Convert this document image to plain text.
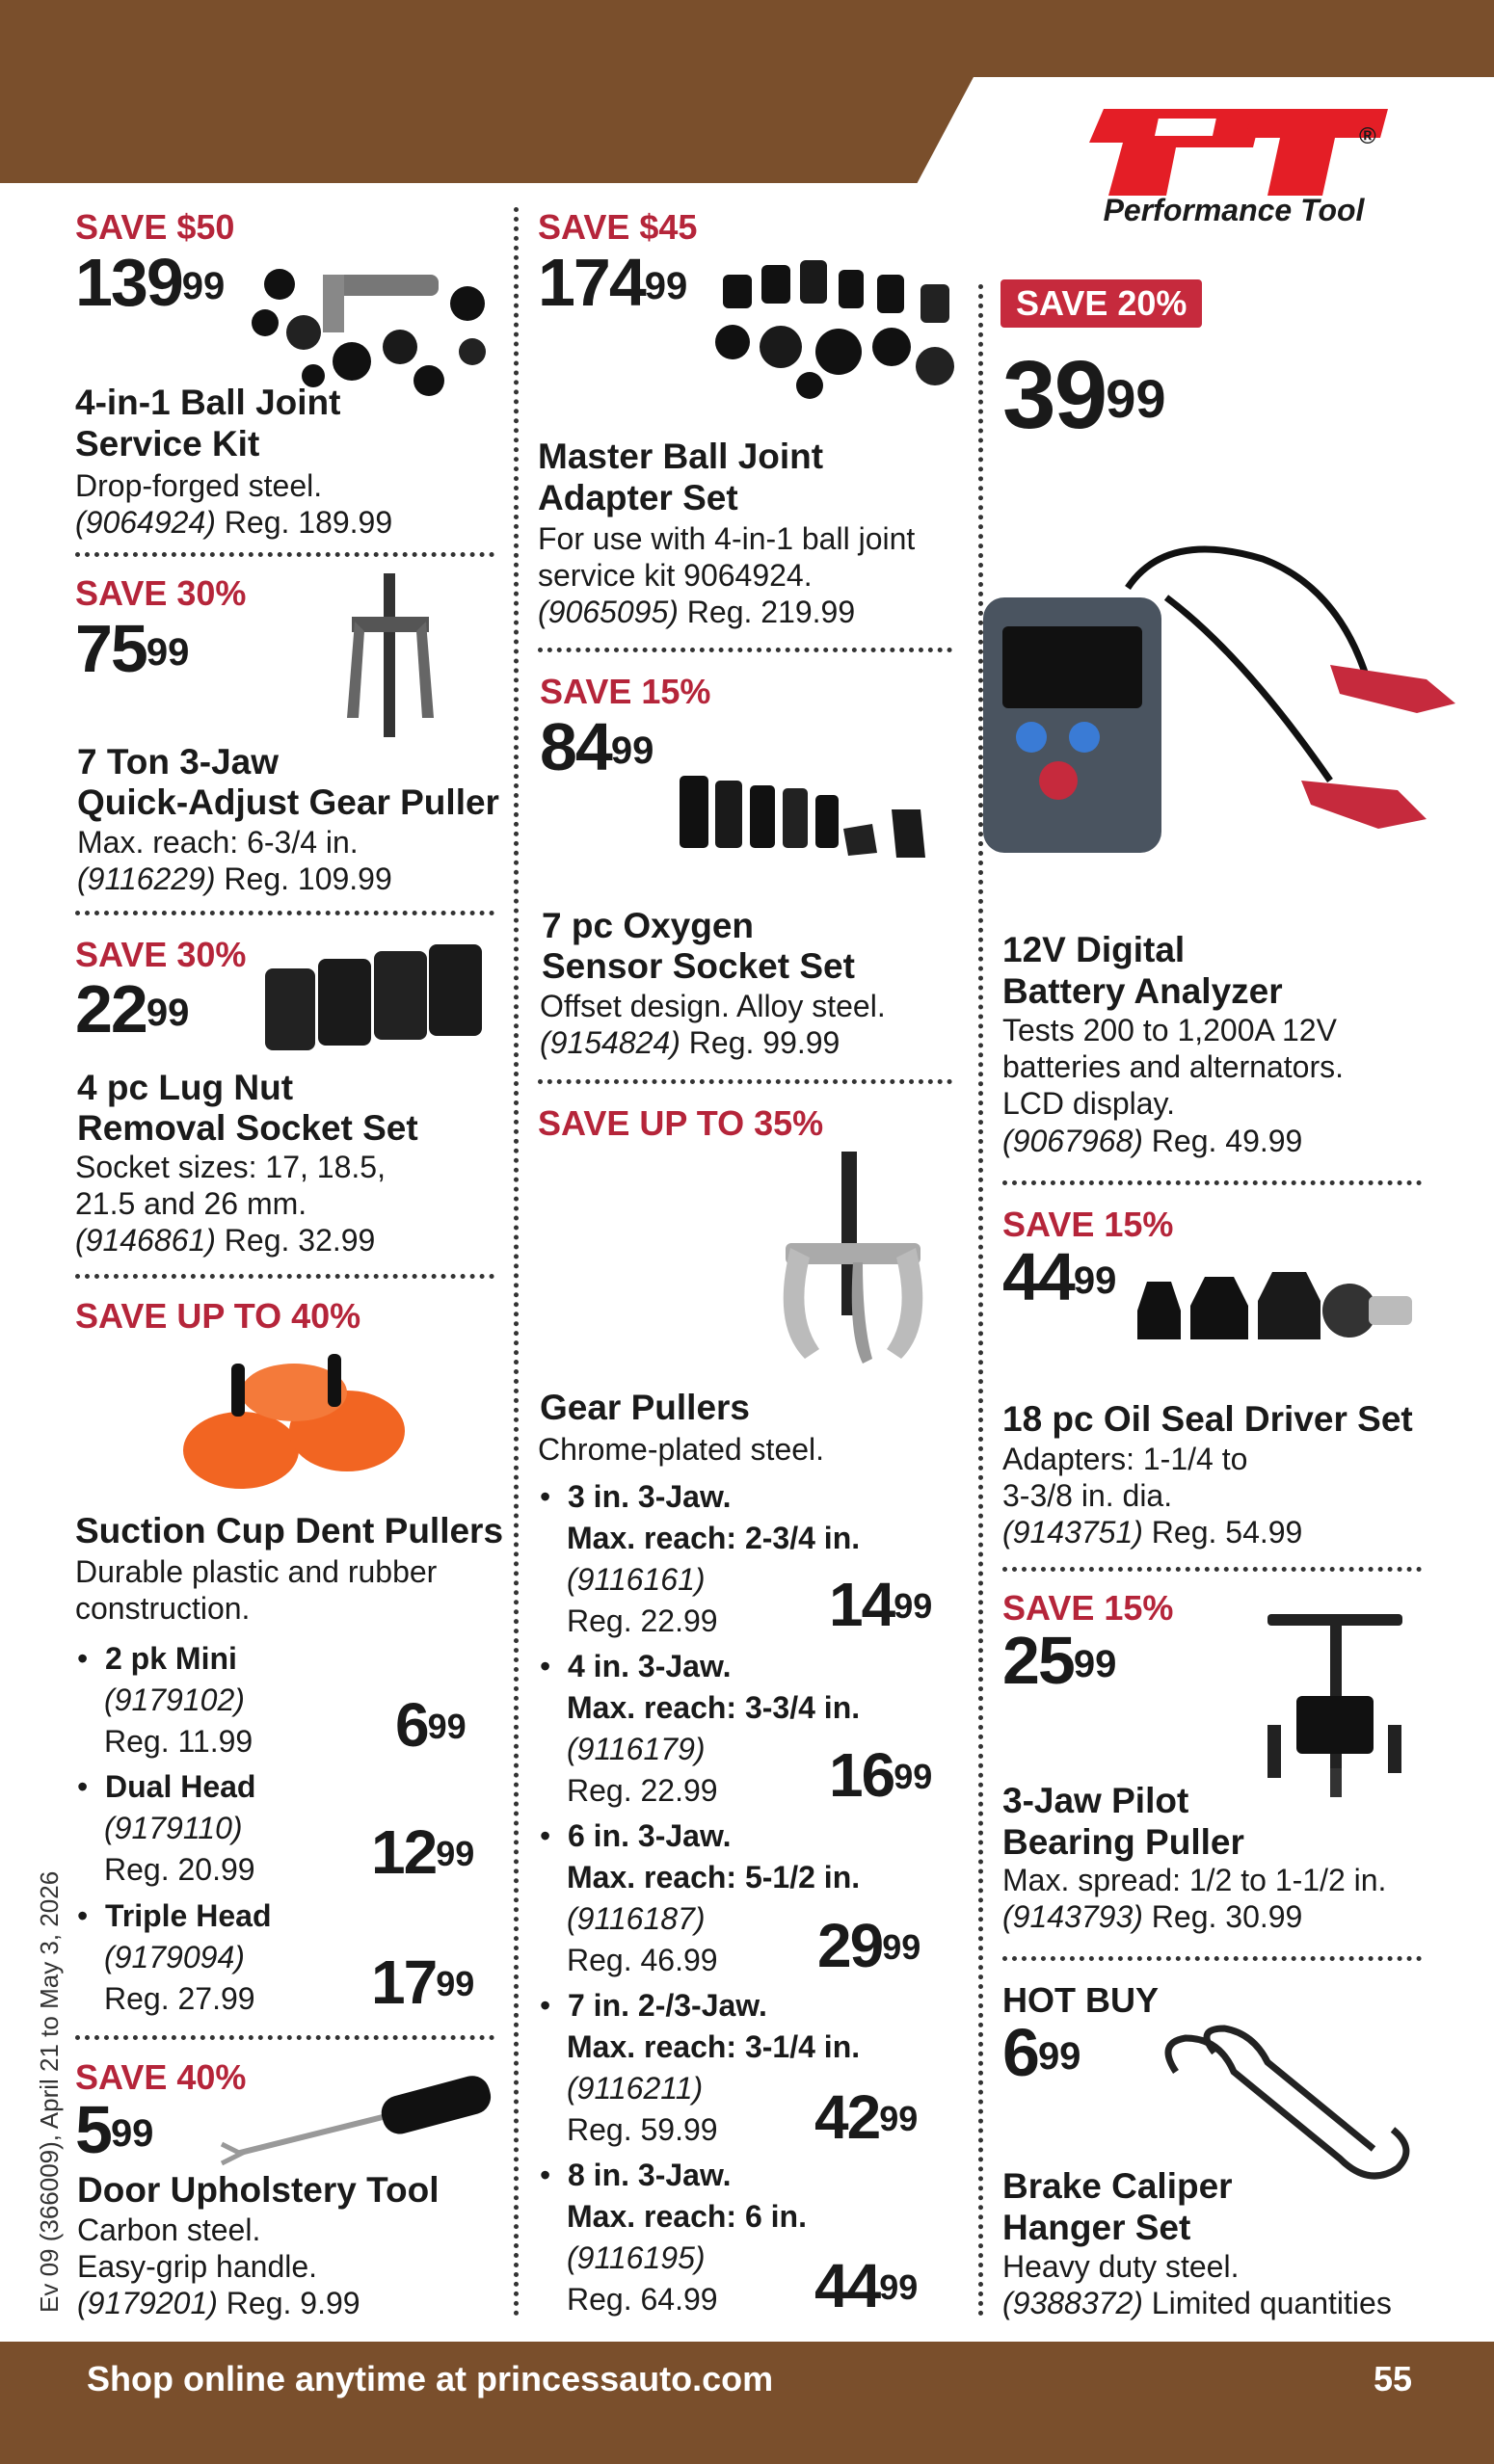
®
Performance Tool
SAVE $50
$139^{99}$
4-in-1 Ball Joint
Service Kit
Drop-forged steel.
(9064924) Reg. 189.99
SAVE 30%
$75^{99}$
7 Ton 3-Jaw
Quick-Adjust Gear Puller
Max. reach: 6-3/4 in.
(9116229) Reg. 109.99
SAVE 30%
$22^{99}$
4 pc Lug Nut
Removal Socket Set
Socket sizes: 17, 18.5,
21.5 and 26 mm.
(9146861) Reg. 32.99
SAVE UP TO 40%
Suction Cup Dent Pullers
Durable plastic and rubber
construction.
•  2 pk Mini
(9179102)
Reg. 11.99 $6^{99}$
•  Dual Head
(9179110)
Reg. 20.99 $12^{99}$
•  Triple Head
(9179094)
Reg. 27.99 $17^{99}$
SAVE 40%
$5^{99}$
Door Upholstery Tool
Carbon steel.
Easy-grip handle.
(9179201) Reg. 9.99
SAVE $45
$174^{99}$
Master Ball Joint
Adapter Set
For use with 4-in-1 ball joint
service kit 9064924.
(9065095) Reg. 219.99
SAVE 15%
$84^{99}$
7 pc Oxygen
Sensor Socket Set
Offset design. Alloy steel.
(9154824) Reg. 99.99
SAVE UP TO 35%
Gear Pullers
Chrome-plated steel.
•  3 in. 3-Jaw.
Max. reach: 2-3/4 in.
(9116161)
Reg. 22.99 $14^{99}$
•  4 in. 3-Jaw.
Max. reach: 3-3/4 in.
(9116179)
Reg. 22.99 $16^{99}$
•  6 in. 3-Jaw.
Max. reach: 5-1/2 in.
(9116187)
Reg. 46.99 $29^{99}$
•  7 in. 2-/3-Jaw.
Max. reach: 3-1/4 in.
(9116211)
Reg. 59.99 $42^{99}$
•  8 in. 3-Jaw.
Max. reach: 6 in.
(9116195)
Reg. 64.99 $44^{99}$
SAVE 20%
$39^{99}$
12V Digital
Battery Analyzer
Tests 200 to 1,200A 12V
batteries and alternators.
LCD display.
(9067968) Reg. 49.99
SAVE 15%
$44^{99}$
18 pc Oil Seal Driver Set
Adapters: 1-1/4 to
3-3/8 in. dia.
(9143751) Reg. 54.99
SAVE 15%
$25^{99}$
3-Jaw Pilot
Bearing Puller
Max. spread: 1/2 to 1-1/2 in.
(9143793) Reg. 30.99
HOT BUY
$6^{99}$
Brake Caliper
Hanger Set
Heavy duty steel.
(9388372) Limited quantities
Ev 09 (366009), April 21 to May 3, 2026
Shop online anytime at princessauto.com	55
